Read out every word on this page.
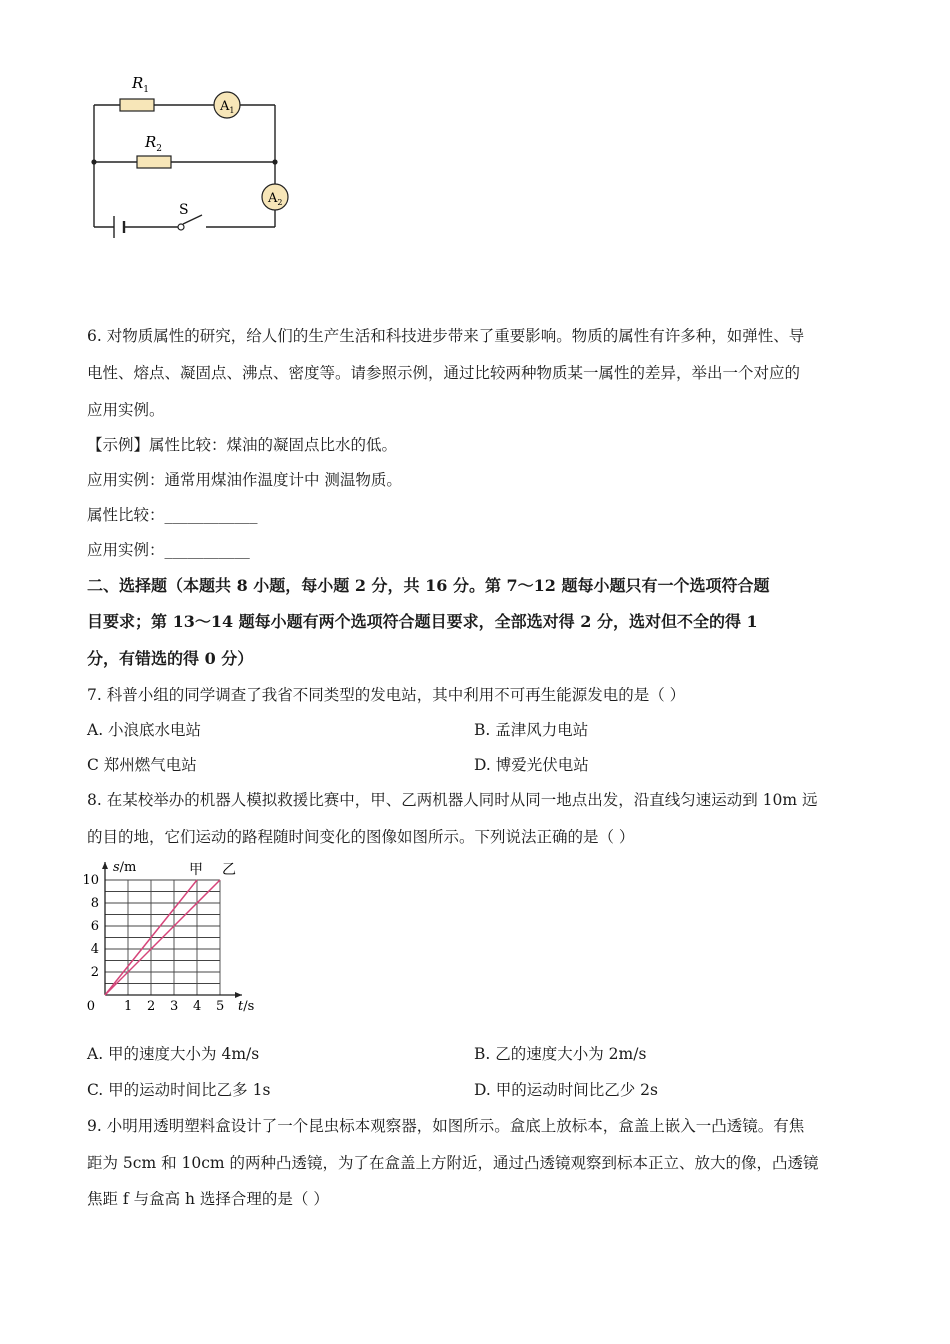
$R_1$
$R_2$
$A_1$
$A_2$
S
6. 对物质属性的研究，给人们的生产生活和科技进步带来了重要影响。物质的属性有许多种，如弹性、导
电性、熔点、凝固点、沸点、密度等。请参照示例，通过比较两种物质某一属性的差异，举出一个对应的
应用实例。
【示例】属性比较：煤油的凝固点比水的低。
应用实例：通常用煤油作温度计中 测温物质。
属性比较：____________
应用实例：___________
二、选择题（本题共 8 小题，每小题 2 分，共 16 分。第 7～12 题每小题只有一个选项符合题
目要求；第 13～14 题每小题有两个选项符合题目要求，全部选对得 2 分，选对但不全的得 1
分，有错选的得 0 分）
7. 科普小组的同学调查了我省不同类型的发电站，其中利用不可再生能源发电的是（ ）
A. 小浪底水电站	B. 孟津风力电站
C 郑州燃气电站	D. 博爱光伏电站
8. 在某校举办的机器人模拟救援比赛中，甲、乙两机器人同时从同一地点出发，沿直线匀速运动到 10m 远
的目的地，它们运动的路程随时间变化的图像如图所示。下列说法正确的是（ ）
1 2 3 4 5
2
4
6
8
10
0
s/m
t/s
甲 乙
A. 甲的速度大小为 4m/s	B. 乙的速度大小为 2m/s
C. 甲的运动时间比乙多 1s	D. 甲的运动时间比乙少 2s
9. 小明用透明塑料盒设计了一个昆虫标本观察器，如图所示。盒底上放标本，盒盖上嵌入一凸透镜。有焦
距为 5cm 和 10cm 的两种凸透镜，为了在盒盖上方附近，通过凸透镜观察到标本正立、放大的像，凸透镜
焦距 f 与盒高 h 选择合理的是（ ）
